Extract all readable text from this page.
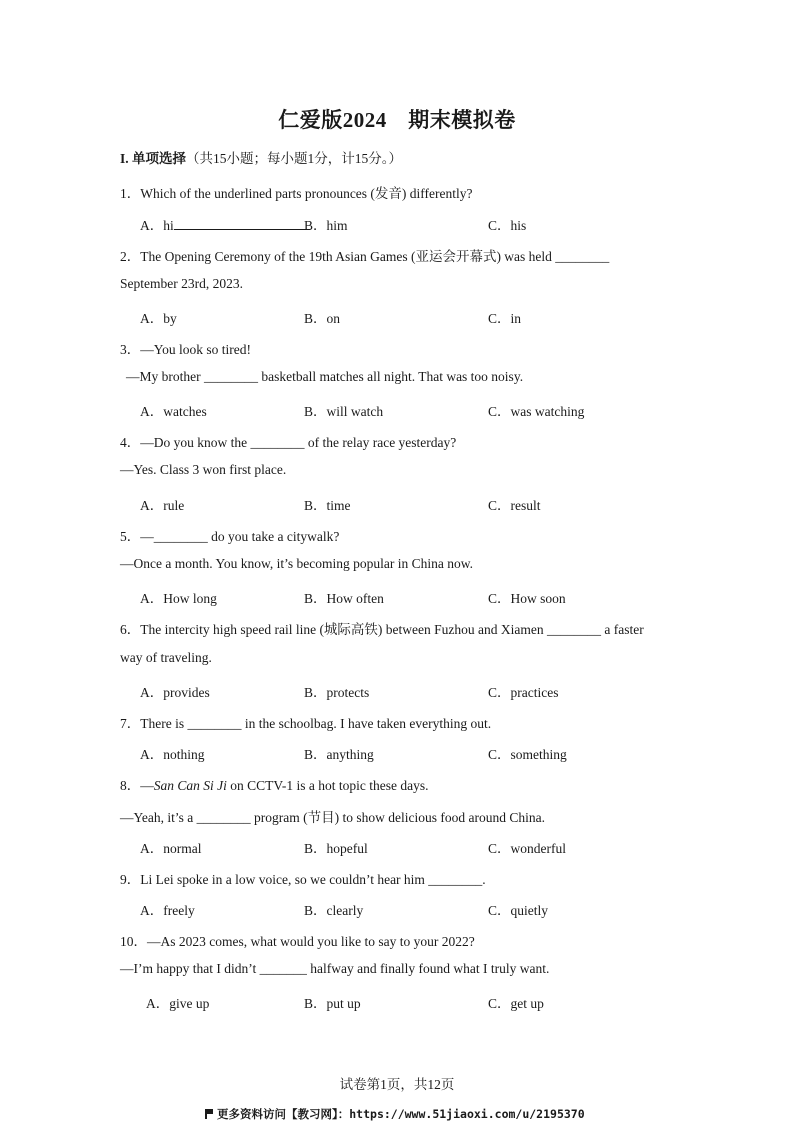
仁爱版2024　期末模拟卷
I. 单项选择（共15小题；每小题1分，计15分。）
1．Which of the underlined parts pronounces (发音) differently?
A．hi	B．him	C．his
2．The Opening Ceremony of the 19th Asian Games (亚运会开幕式) was held ________
September 23rd, 2023.
A．by	B．on	C．in
3．—You look so tired!
—My brother ________ basketball matches all night. That was too noisy.
A．watches	B．will watch	C．was watching
4．—Do you know the ________ of the relay race yesterday?
—Yes. Class 3 won first place.
A．rule	B．time	C．result
5．—________ do you take a citywalk?
—Once a month. You know, it’s becoming popular in China now.
A．How long	B．How often	C．How soon
6．The intercity high speed rail line (城际高铁) between Fuzhou and Xiamen ________ a faster
way of traveling.
A．provides	B．protects	C．practices
7．There is ________ in the schoolbag. I have taken everything out.
A．nothing	B．anything	C．something
8．—San Can Si Ji on CCTV-1 is a hot topic these days.
—Yeah, it’s a ________ program (节目) to show delicious food around China.
A．normal	B．hopeful	C．wonderful
9．Li Lei spoke in a low voice, so we couldn’t hear him ________.
A．freely	B．clearly	C．quietly
10．—As 2023 comes, what would you like to say to your 2022?
—I’m happy that I didn’t _______ halfway and finally found what I truly want.
A．give up	B．put up	C．get up
试卷第1页，共12页
更多资料访问【教习网】：https://www.51jiaoxi.com/u/2195370
